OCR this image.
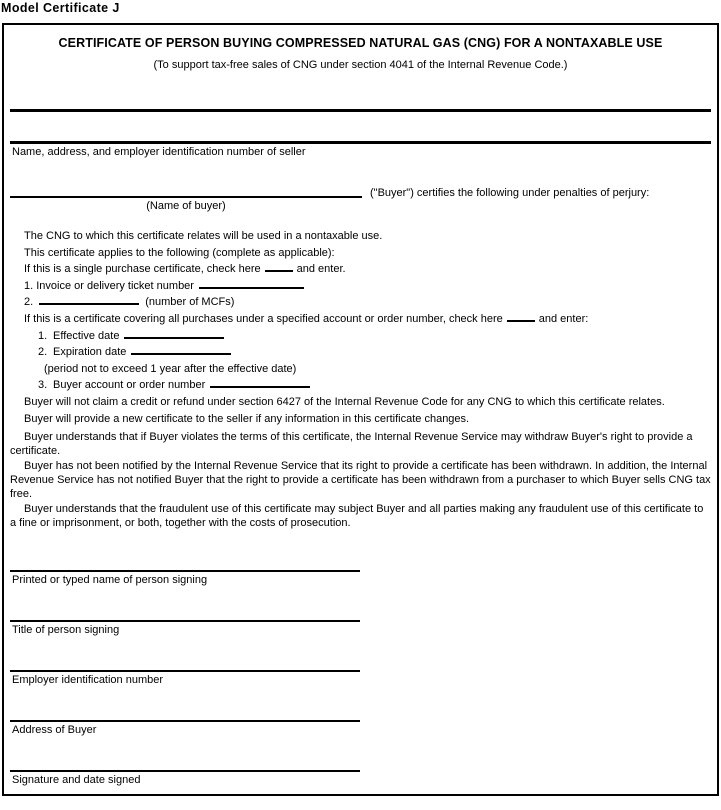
Model Certificate J
CERTIFICATE OF PERSON BUYING COMPRESSED NATURAL GAS (CNG) FOR A NONTAXABLE USE
(To support tax-free sales of CNG under section 4041 of the Internal Revenue Code.)
Name, address, and employer identification number of seller
(Name of buyer)
("Buyer") certifies the following under penalties of perjury:
The CNG to which this certificate relates will be used in a nontaxable use.
This certificate applies to the following (complete as applicable):
If this is a single purchase certificate, check here	and enter.
1. Invoice or delivery ticket number
2.	(number of MCFs)
If this is a certificate covering all purchases under a specified account or order number, check here	and enter:
1. Effective date
2. Expiration date
(period not to exceed 1 year after the effective date)
3. Buyer account or order number
Buyer will not claim a credit or refund under section 6427 of the Internal Revenue Code for any CNG to which this certificate relates.
Buyer will provide a new certificate to the seller if any information in this certificate changes.

Buyer understands that if Buyer violates the terms of this certificate, the Internal Revenue Service may withdraw Buyer's right to provide a certificate.

Buyer has not been notified by the Internal Revenue Service that its right to provide a certificate has been withdrawn. In addition, the Internal Revenue Service has not notified Buyer that the right to provide a certificate has been withdrawn from a purchaser to which Buyer sells CNG tax free.

Buyer understands that the fraudulent use of this certificate may subject Buyer and all parties making any fraudulent use of this certificate to a fine or imprisonment, or both, together with the costs of prosecution.

Printed or typed name of person signing
Title of person signing
Employer identification number
Address of Buyer
Signature and date signed
